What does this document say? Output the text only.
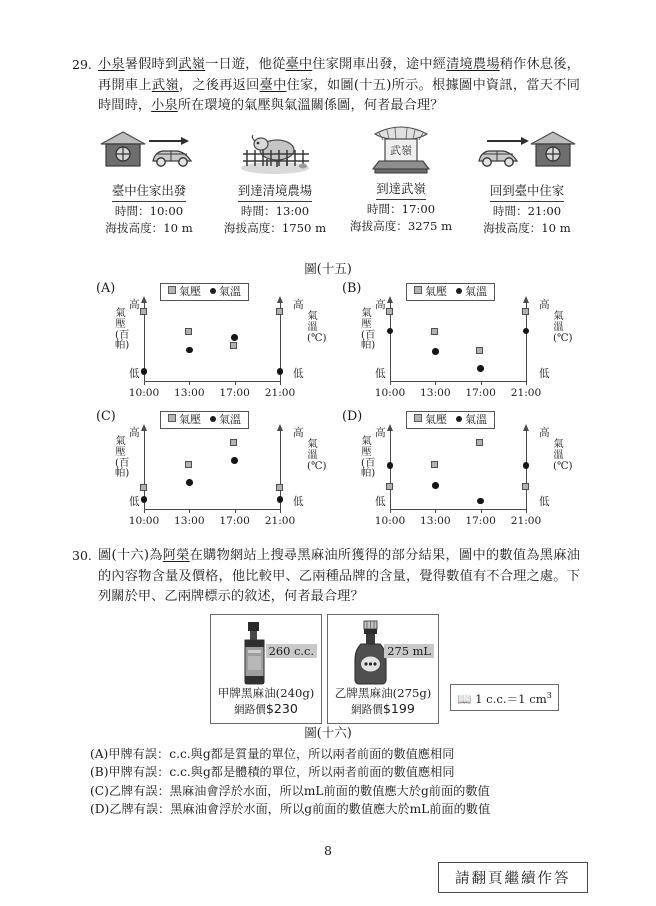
29. 小泉暑假時到武嶺一日遊，他從臺中住家開車出發，途中經清境農場稍作休息後，再開車上武嶺，之後再返回臺中住家，如圖(十五)所示。根據圖中資訊，當天不同時間時，小泉所在環境的氣壓與氣溫關係圖，何者最合理？
臺中住家出發
時間：10:00
海拔高度：10 m
到達清境農場
時間：13:00
海拔高度：1750 m
武嶺
到達武嶺
時間：17:00
海拔高度：3275 m
回到臺中住家
時間：21:00
海拔高度：10 m
圖(十五)
(A)	氣壓 氣溫
10:00 13:00 17:00 21:00
氣壓(百帕)
氣溫(℃)
高
低
高
低
(B)	氣壓 氣溫
10:00 13:00 17:00 21:00
氣壓(百帕)
氣溫(℃)
高
低
高
低
(C)	氣壓 氣溫
10:00 13:00 17:00 21:00
氣壓(百帕)
氣溫(℃)
高
低
高
低
(D)	氣壓 氣溫
10:00 13:00 17:00 21:00
氣壓(百帕)
氣溫(℃)
高
低
高
低
30. 圖(十六)為阿榮在購物網站上搜尋黑麻油所獲得的部分結果，圖中的數值為黑麻油的內容物含量及價格，他比較甲、乙兩種品牌的含量，覺得數值有不合理之處。下列關於甲、乙兩牌標示的敘述，何者最合理？
260 c.c.
甲牌黑麻油(240g)
網路價$230
275 mL
乙牌黑麻油(275g)
網路價$199
📖 1 c.c.＝1 $cm^3$
圖(十六)
(A)甲牌有誤：c.c.與g都是質量的單位，所以兩者前面的數值應相同
(B)甲牌有誤：c.c.與g都是體積的單位，所以兩者前面的數值應相同
(C)乙牌有誤：黑麻油會浮於水面，所以mL前面的數值應大於g前面的數值
(D)乙牌有誤：黑麻油會浮於水面，所以g前面的數值應大於mL前面的數值
8
請翻頁繼續作答
